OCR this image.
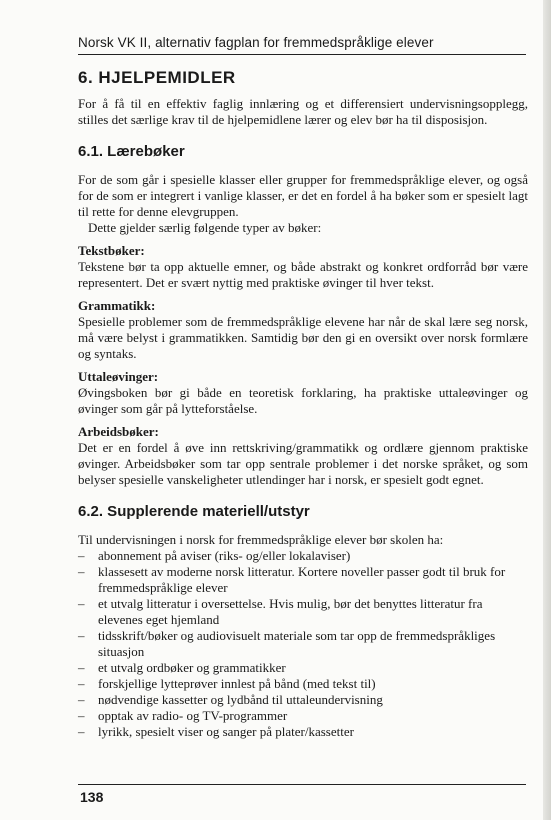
Norsk VK II, alternativ fagplan for fremmedspråklige elever
6. HJELPEMIDLER

For å få til en effektiv faglig innlæring og et differensiert undervisningsopplegg, stilles det særlige krav til de hjelpemidlene lærer og elev bør ha til disposisjon.

6.1. Lærebøker

For de som går i spesielle klasser eller grupper for fremmedspråklige elever, og også for de som er integrert i vanlige klasser, er det en fordel å ha bøker som er spesielt lagt til rette for denne elevgruppen.

Dette gjelder særlig følgende typer av bøker:

Tekstbøker:

Tekstene bør ta opp aktuelle emner, og både abstrakt og konkret ordforråd bør være representert. Det er svært nyttig med praktiske øvinger til hver tekst.

Grammatikk:

Spesielle problemer som de fremmedspråklige elevene har når de skal lære seg norsk, må være belyst i grammatikken. Samtidig bør den gi en oversikt over norsk formlære og syntaks.

Uttaleøvinger:

Øvingsboken bør gi både en teoretisk forklaring, ha praktiske uttaleøvinger og øvinger som går på lytteforståelse.

Arbeidsbøker:

Det er en fordel å øve inn rettskriving/grammatikk og ordlære gjennom praktiske øvinger. Arbeidsbøker som tar opp sentrale problemer i det norske språket, og som belyser spesielle vanskeligheter utlendinger har i norsk, er spesielt godt egnet.

6.2. Supplerende materiell/utstyr

Til undervisningen i norsk for fremmedspråklige elever bør skolen ha:

– abonnement på aviser (riks- og/eller lokalaviser)
– klassesett av moderne norsk litteratur. Kortere noveller passer godt til bruk for fremmedspråklige elever
– et utvalg litteratur i oversettelse. Hvis mulig, bør det benyttes litteratur fra elevenes eget hjemland
– tidsskrift/bøker og audiovisuelt materiale som tar opp de fremmedspråkliges situasjon
– et utvalg ordbøker og grammatikker
– forskjellige lytteprøver innlest på bånd (med tekst til)
– nødvendige kassetter og lydbånd til uttaleundervisning
– opptak av radio- og TV-programmer
– lyrikk, spesielt viser og sanger på plater/kassetter
138
